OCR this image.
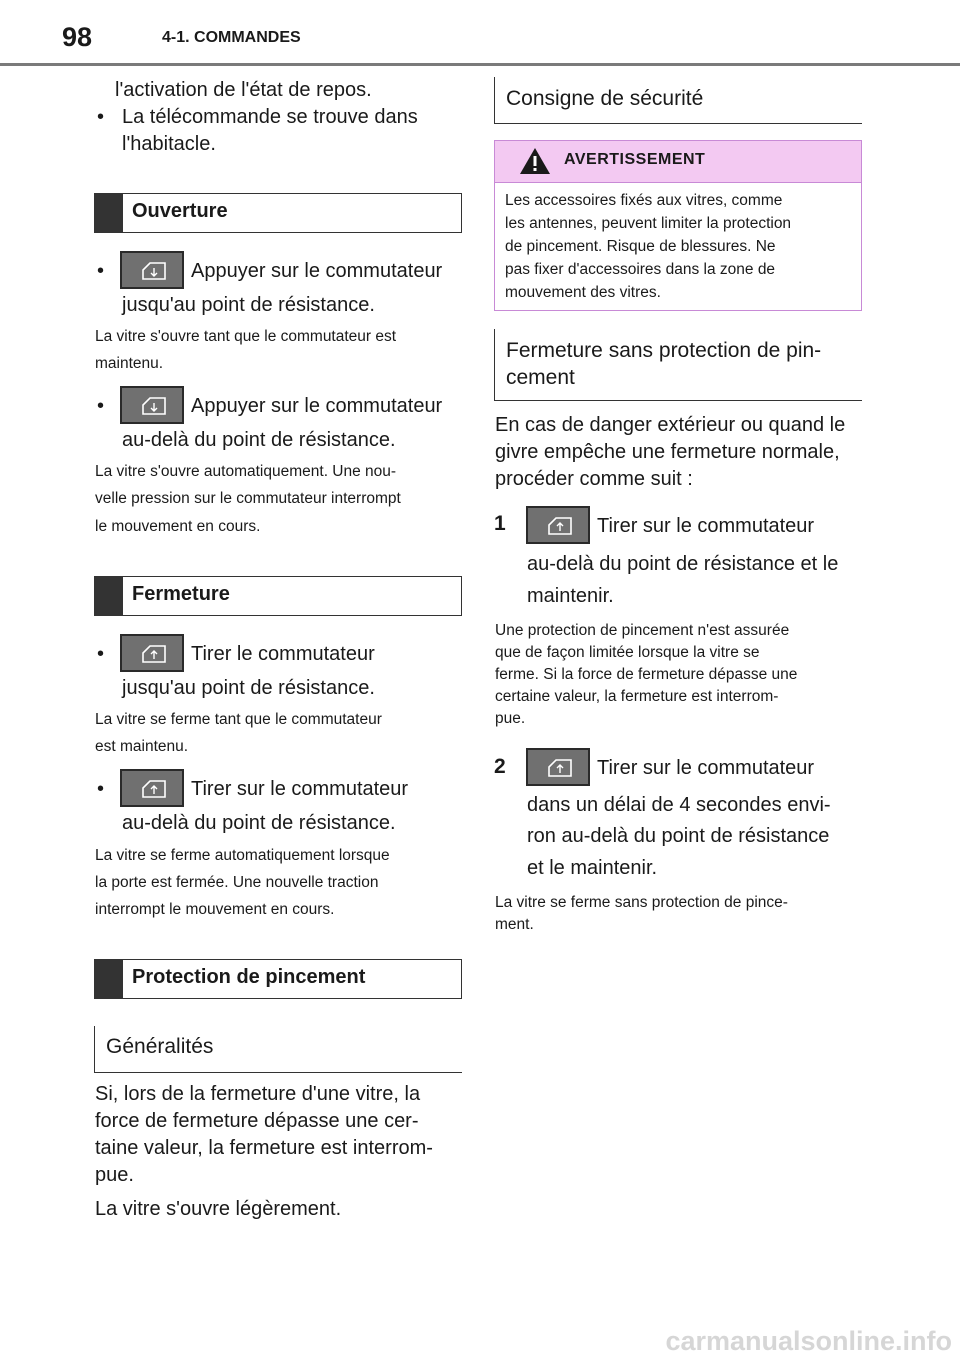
98	4-1. COMMANDES
l'activation de l'état de repos.
• La télécommande se trouve dans
l'habitacle.
Ouverture
•	Appuyer sur le commutateur
jusqu'au point de résistance.
La vitre s'ouvre tant que le commutateur est
maintenu.
•	Appuyer sur le commutateur
au-delà du point de résistance.
La vitre s'ouvre automatiquement. Une nou-
velle pression sur le commutateur interrompt
le mouvement en cours.
Fermeture
•	Tirer le commutateur
jusqu'au point de résistance.
La vitre se ferme tant que le commutateur
est maintenu.
•	Tirer sur le commutateur
au-delà du point de résistance.
La vitre se ferme automatiquement lorsque
la porte est fermée. Une nouvelle traction
interrompt le mouvement en cours.
Protection de pincement
Généralités
Si, lors de la fermeture d'une vitre, la
force de fermeture dépasse une cer-
taine valeur, la fermeture est interrom-
pue.
La vitre s'ouvre légèrement.
Consigne de sécurité
AVERTISSEMENT
Les accessoires fixés aux vitres, comme
les antennes, peuvent limiter la protection
de pincement. Risque de blessures. Ne
pas fixer d'accessoires dans la zone de
mouvement des vitres.
Fermeture sans protection de pin-
cement
En cas de danger extérieur ou quand le
givre empêche une fermeture normale,
procéder comme suit :
1	Tirer sur le commutateur
au-delà du point de résistance et le
maintenir.
Une protection de pincement n'est assurée
que de façon limitée lorsque la vitre se
ferme. Si la force de fermeture dépasse une
certaine valeur, la fermeture est interrom-
pue.
2	Tirer sur le commutateur
dans un délai de 4 secondes envi-
ron au-delà du point de résistance
et le maintenir.
La vitre se ferme sans protection de pince-
ment.
carmanualsonline.info
